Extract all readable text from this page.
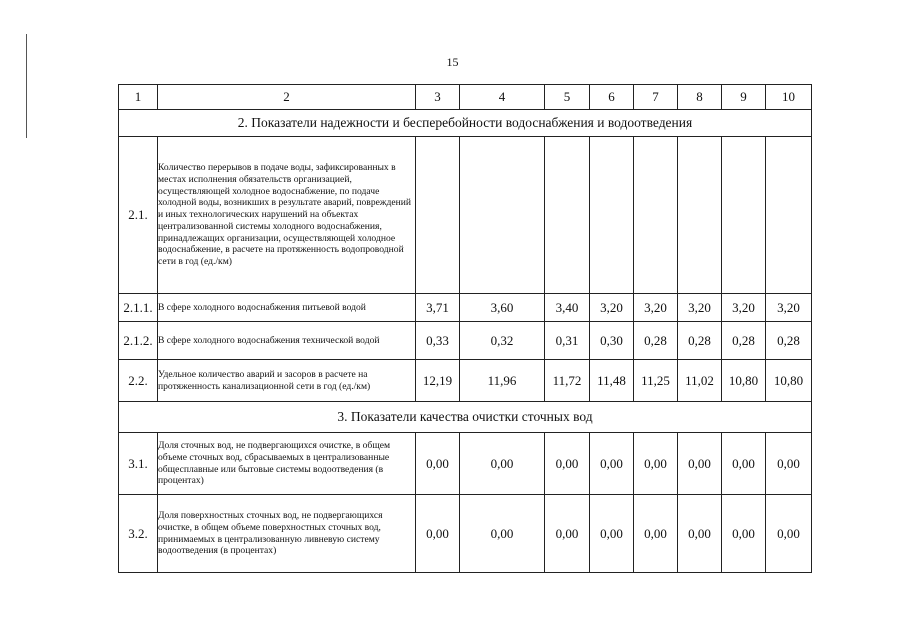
15
1	2	3	4	5	6	7	8	9	10
2. Показатели надежности и бесперебойности водоснабжения и водоотведения									
2.1.	Количество перерывов в подаче воды, зафиксированных в местах исполнения обязательств организацией, осуществляющей холодное водоснабжение, по подаче холодной воды, возникших в результате аварий, повреждений и иных технологических нарушений на объектах централизованной системы холодного водоснабжения, принадлежащих организации, осуществляющей холодное водоснабжение, в расчете на протяженность водопроводной сети в год (ед./км)								
2.1.1.	В сфере холодного водоснабжения питьевой водой	3,71	3,60	3,40	3,20	3,20	3,20	3,20	3,20
2.1.2.	В сфере холодного водоснабжения технической водой	0,33	0,32	0,31	0,30	0,28	0,28	0,28	0,28
2.2.	Удельное количество аварий и засоров в расчете на протяженность канализационной сети в год (ед./км)	12,19	11,96	11,72	11,48	11,25	11,02	10,80	10,80
3. Показатели качества очистки сточных вод									
3.1.	Доля сточных вод, не подвергающихся очистке, в общем объеме сточных вод, сбрасываемых в централизованные общесплавные или бытовые системы водоотведения (в процентах)	0,00	0,00	0,00	0,00	0,00	0,00	0,00	0,00
3.2.	Доля поверхностных сточных вод, не подвергающихся очистке, в общем объеме поверхностных сточных вод, принимаемых в централизованную ливневую систему водоотведения (в процентах)	0,00	0,00	0,00	0,00	0,00	0,00	0,00	0,00
